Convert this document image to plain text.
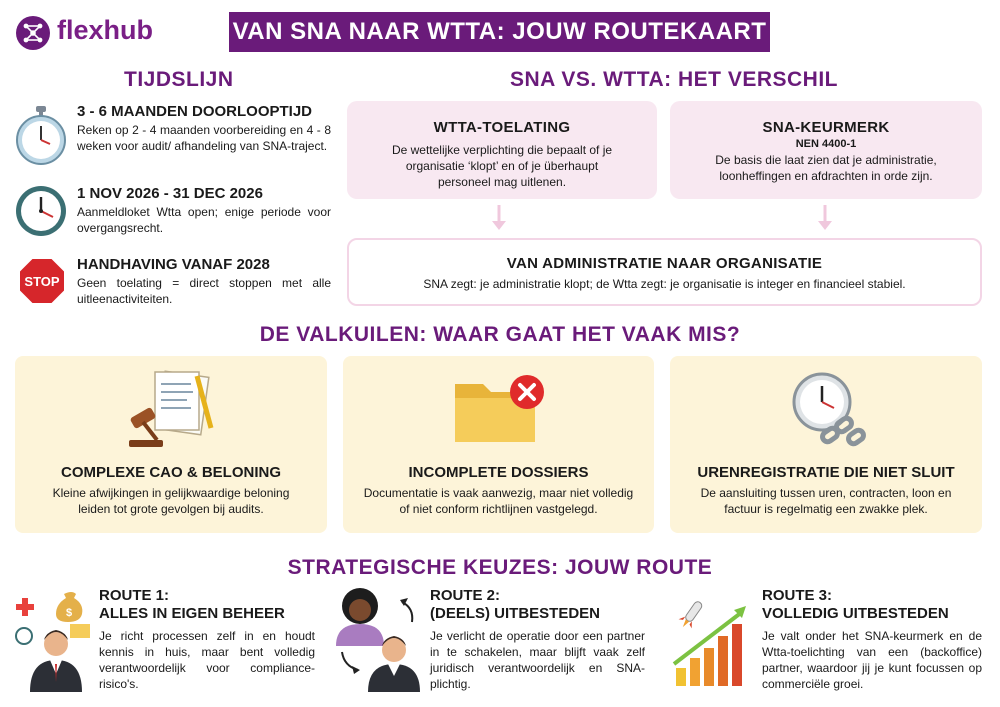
flexhub	VAN SNA NAAR WTTA: JOUW ROUTEKAART
TIJDSLIJN
3 - 6 MAANDEN DOORLOOPTIJD
Reken op 2 - 4 maanden voorbereiding en 4 - 8 weken voor audit/ afhandeling van SNA-traject.
1 NOV 2026 - 31 DEC 2026
Aanmeldloket Wtta open; enige periode voor overgangsrecht.
STOP
HANDHAVING VANAF 2028
Geen toelating = direct stoppen met alle uitleenactiviteiten.
SNA VS. WTTA: HET VERSCHIL
WTTA-TOELATING
De wettelijke verplichting die bepaalt of je organisatie ‘klopt’ en of je überhaupt personeel mag uitlenen.
SNA-KEURMERK
NEN 4400-1
De basis die laat zien dat je administratie, loonheffingen en afdrachten in orde zijn.
VAN ADMINISTRATIE NAAR ORGANISATIE
SNA zegt: je administratie klopt; de Wtta zegt: je organisatie is integer en financieel stabiel.
DE VALKUILEN: WAAR GAAT HET VAAK MIS?
COMPLEXE CAO & BELONING
Kleine afwijkingen in gelijkwaardige beloning leiden tot grote gevolgen bij audits.
INCOMPLETE DOSSIERS
Documentatie is vaak aanwezig, maar niet volledig of niet conform richtlijnen vastgelegd.
URENREGISTRATIE DIE NIET SLUIT
De aansluiting tussen uren, contracten, loon en factuur is regelmatig een zwakke plek.
STRATEGISCHE KEUZES: JOUW ROUTE
$
ROUTE 1:
ALLES IN EIGEN BEHEER
Je richt processen zelf in en houdt kennis in huis, maar bent volledig verantwoordelijk voor compliance-risico's.
ROUTE 2:
(DEELS) UITBESTEDEN
Je verlicht de operatie door een partner in te schakelen, maar blijft vaak zelf juridisch verantwoordelijk en SNA-plichtig.
ROUTE 3:
VOLLEDIG UITBESTEDEN
Je valt onder het SNA-keurmerk en de Wtta-toelichting van een (backoffice) partner, waardoor jij je kunt focussen op commerciële groei.
